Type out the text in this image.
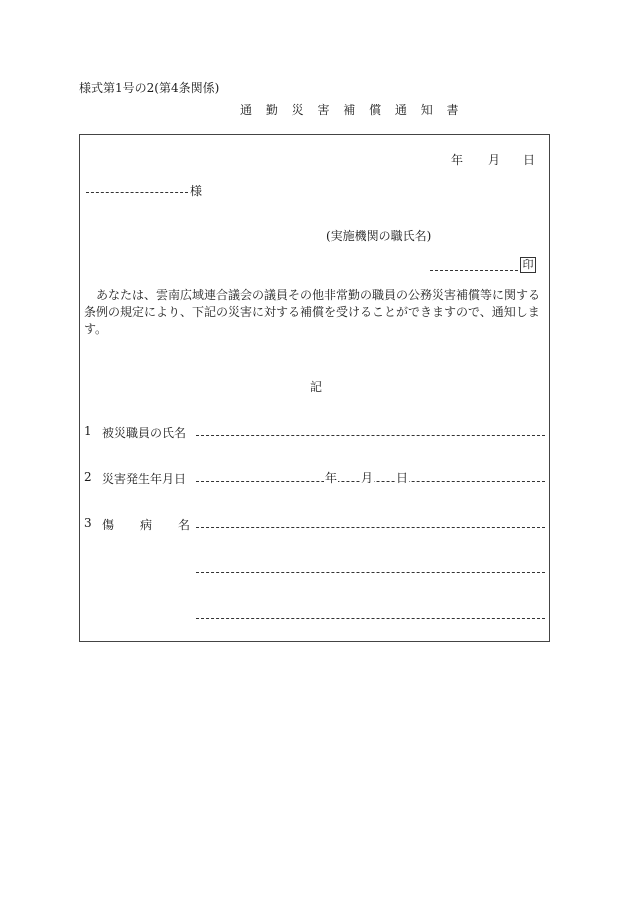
様式第1号の2(第4条関係)
通 勤 災 害 補 償 通 知 書
年 月 日
様
(実施機関の職氏名)
印
あなたは、雲南広域連合議会の議員その他非常勤の職員の公務災害補償等に関する条例の規定により、下記の災害に対する補償を受けることができますので、通知します。
記
1 被災職員の氏名
2 災害発生年月日	年 月 日
3 傷 病 名
